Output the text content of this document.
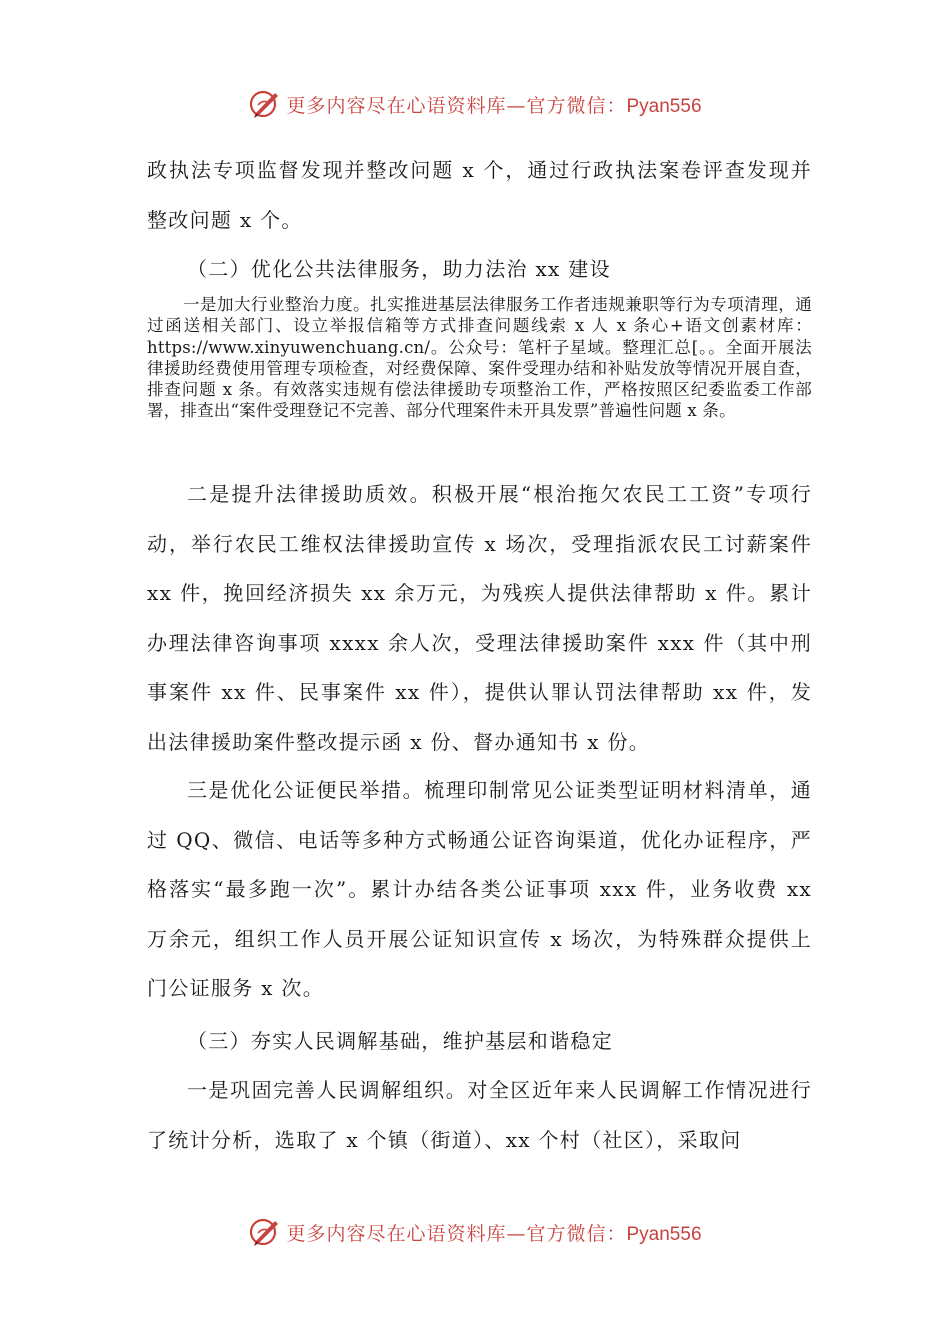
更多内容尽在心语资料库—官方微信：Pyan556

政执法专项监督发现并整改问题 x 个，通过行政执法案卷评查发现并整改问题 x 个。

（二）优化公共法律服务，助力法治 xx 建设

一是加大行业整治力度。扎实推进基层法律服务工作者违规兼职等行为专项清理，通过函送相关部门、设立举报信箱等方式排查问题线索 x 人 x 条心+语文创素材库：https://www.xinyuwenchuang.cn/。公众号：笔杆子星域。整理汇总[。。全面开展法律援助经费使用管理专项检查，对经费保障、案件受理办结和补贴发放等情况开展自查，排查问题 x 条。有效落实违规有偿法律援助专项整治工作，严格按照区纪委监委工作部署，排查出“案件受理登记不完善、部分代理案件未开具发票”普遍性问题 x 条。

二是提升法律援助质效。积极开展“根治拖欠农民工工资”专项行动，举行农民工维权法律援助宣传 x 场次，受理指派农民工讨薪案件 xx 件，挽回经济损失 xx 余万元，为残疾人提供法律帮助 x 件。累计办理法律咨询事项 xxxx 余人次，受理法律援助案件 xxx 件（其中刑事案件 xx 件、民事案件 xx 件），提供认罪认罚法律帮助 xx 件，发出法律援助案件整改提示函 x 份、督办通知书 x 份。

三是优化公证便民举措。梳理印制常见公证类型证明材料清单，通过 QQ、微信、电话等多种方式畅通公证咨询渠道，优化办证程序，严格落实“最多跑一次”。累计办结各类公证事项 xxx 件，业务收费 xx 万余元，组织工作人员开展公证知识宣传 x 场次，为特殊群众提供上门公证服务 x 次。

（三）夯实人民调解基础，维护基层和谐稳定

一是巩固完善人民调解组织。对全区近年来人民调解工作情况进行了统计分析，选取了 x 个镇（街道）、xx 个村（社区），采取问

更多内容尽在心语资料库—官方微信：Pyan556
